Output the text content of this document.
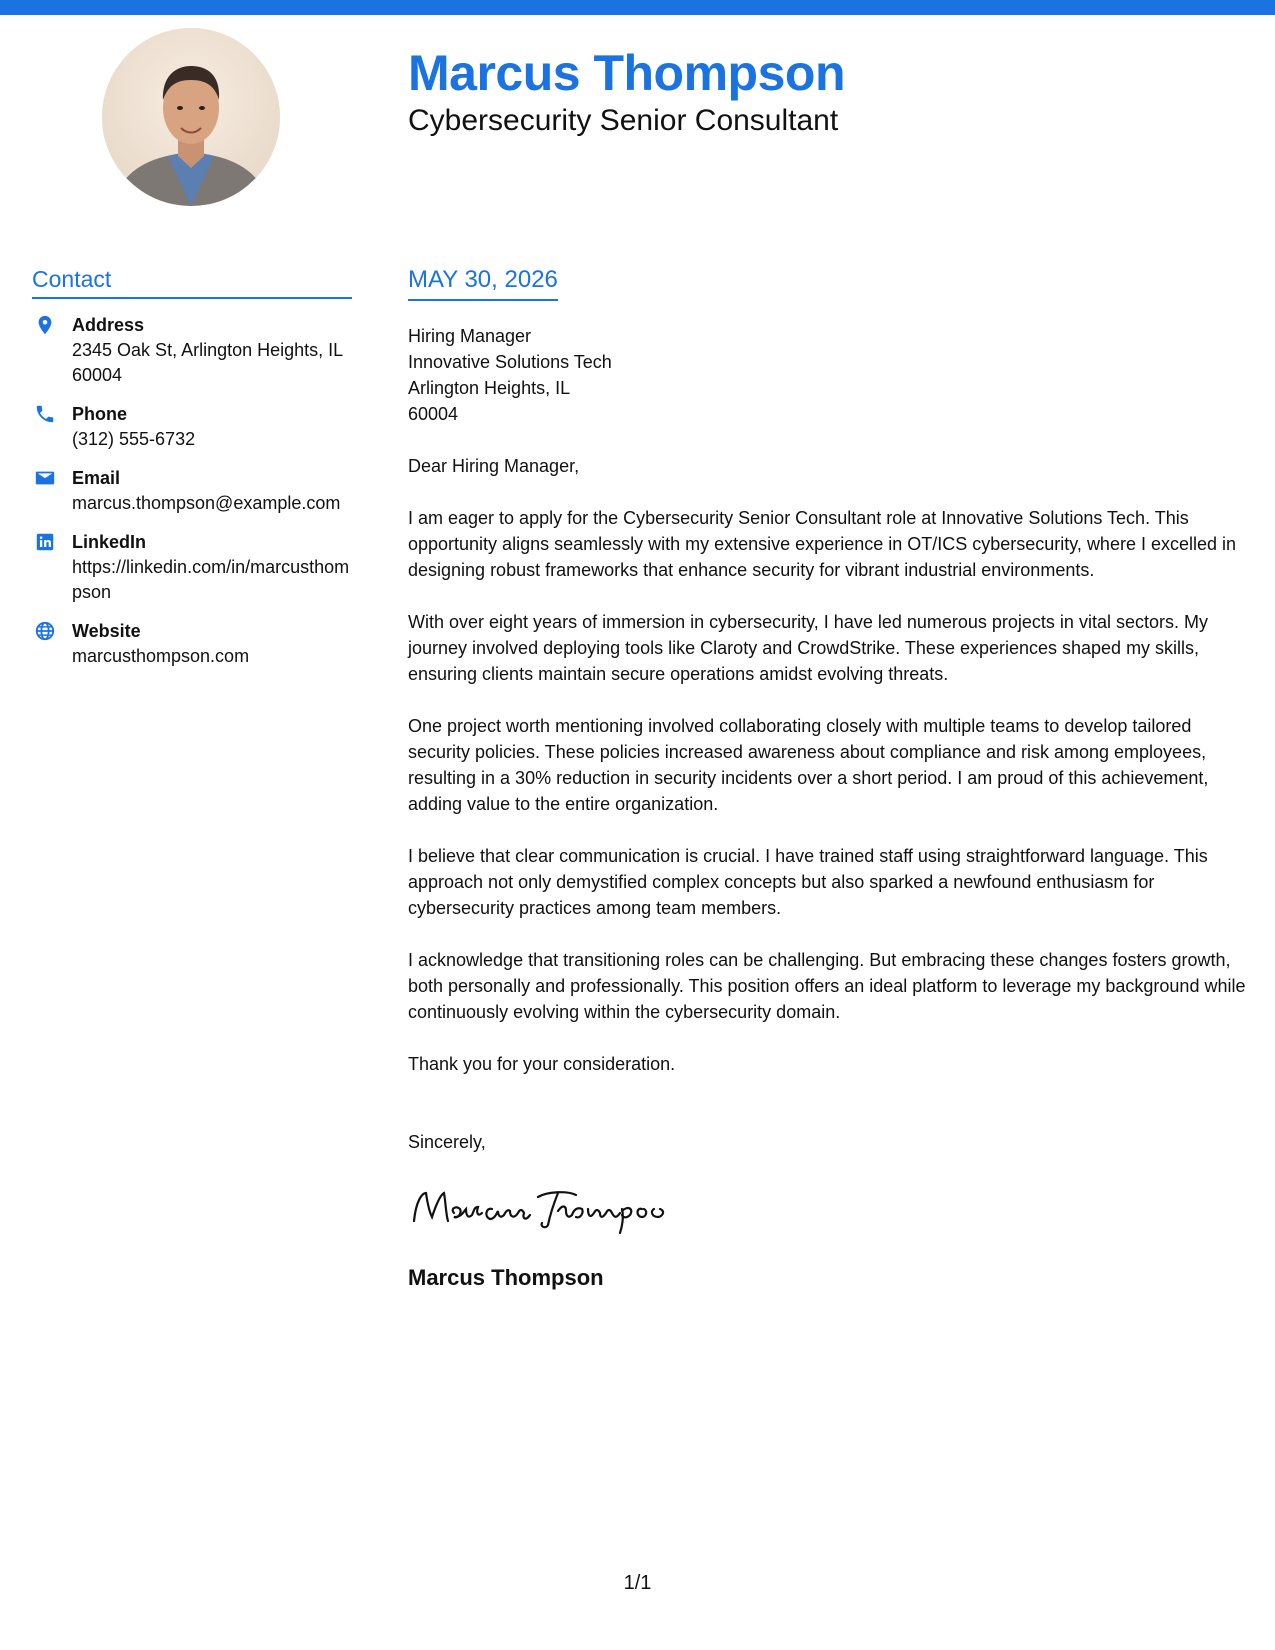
Marcus Thompson
Cybersecurity Senior Consultant
Contact
Address
2345 Oak St, Arlington Heights, IL 60004
Phone
(312) 555-6732
Email
marcus.thompson@example.com
LinkedIn
https://linkedin.com/in/marcusthompson
Website
marcusthompson.com
MAY 30, 2026
Hiring Manager
Innovative Solutions Tech
Arlington Heights, IL
60004
Dear Hiring Manager,
I am eager to apply for the Cybersecurity Senior Consultant role at Innovative Solutions Tech. This opportunity aligns seamlessly with my extensive experience in OT/ICS cybersecurity, where I excelled in designing robust frameworks that enhance security for vibrant industrial environments.
With over eight years of immersion in cybersecurity, I have led numerous projects in vital sectors. My journey involved deploying tools like Claroty and CrowdStrike. These experiences shaped my skills, ensuring clients maintain secure operations amidst evolving threats.
One project worth mentioning involved collaborating closely with multiple teams to develop tailored security policies. These policies increased awareness about compliance and risk among employees, resulting in a 30% reduction in security incidents over a short period. I am proud of this achievement, adding value to the entire organization.
I believe that clear communication is crucial. I have trained staff using straightforward language. This approach not only demystified complex concepts but also sparked a newfound enthusiasm for cybersecurity practices among team members.
I acknowledge that transitioning roles can be challenging. But embracing these changes fosters growth, both personally and professionally. This position offers an ideal platform to leverage my background while continuously evolving within the cybersecurity domain.
Thank you for your consideration.
Sincerely,
Marcus Thompson
1/1
